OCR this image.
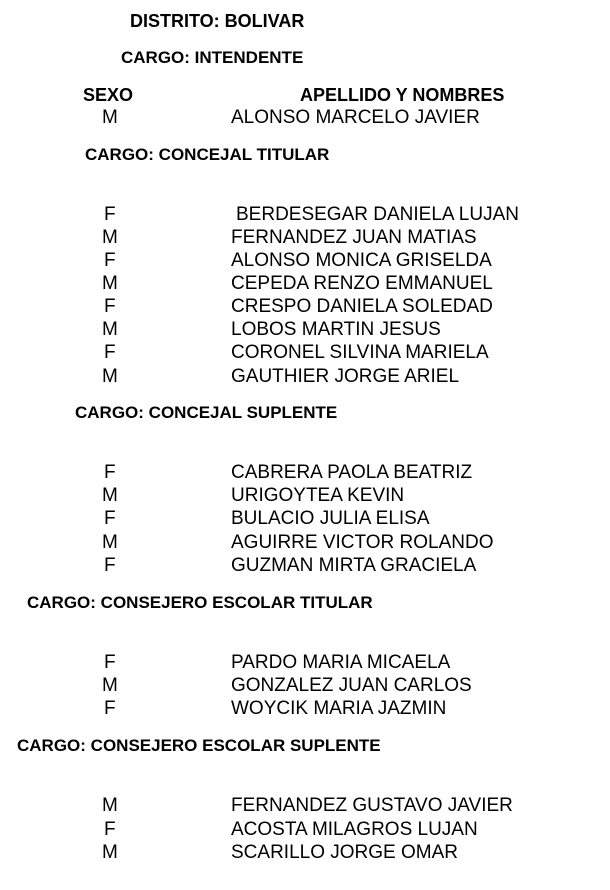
DISTRITO: BOLIVAR
CARGO: INTENDENTE
SEXO	APELLIDO Y NOMBRES
M	ALONSO MARCELO JAVIER
CARGO: CONCEJAL TITULAR
F	BERDESEGAR DANIELA LUJAN
M	FERNANDEZ JUAN MATIAS
F	ALONSO MONICA GRISELDA
M	CEPEDA RENZO EMMANUEL
F	CRESPO DANIELA SOLEDAD
M	LOBOS MARTIN JESUS
F	CORONEL SILVINA MARIELA
M	GAUTHIER JORGE ARIEL
CARGO: CONCEJAL SUPLENTE
F	CABRERA PAOLA BEATRIZ
M	URIGOYTEA KEVIN
F	BULACIO JULIA ELISA
M	AGUIRRE VICTOR ROLANDO
F	GUZMAN MIRTA GRACIELA
CARGO: CONSEJERO ESCOLAR TITULAR
F	PARDO MARIA MICAELA
M	GONZALEZ JUAN CARLOS
F	WOYCIK MARIA JAZMIN
CARGO: CONSEJERO ESCOLAR SUPLENTE
M	FERNANDEZ GUSTAVO JAVIER
F	ACOSTA MILAGROS LUJAN
M	SCARILLO JORGE OMAR
